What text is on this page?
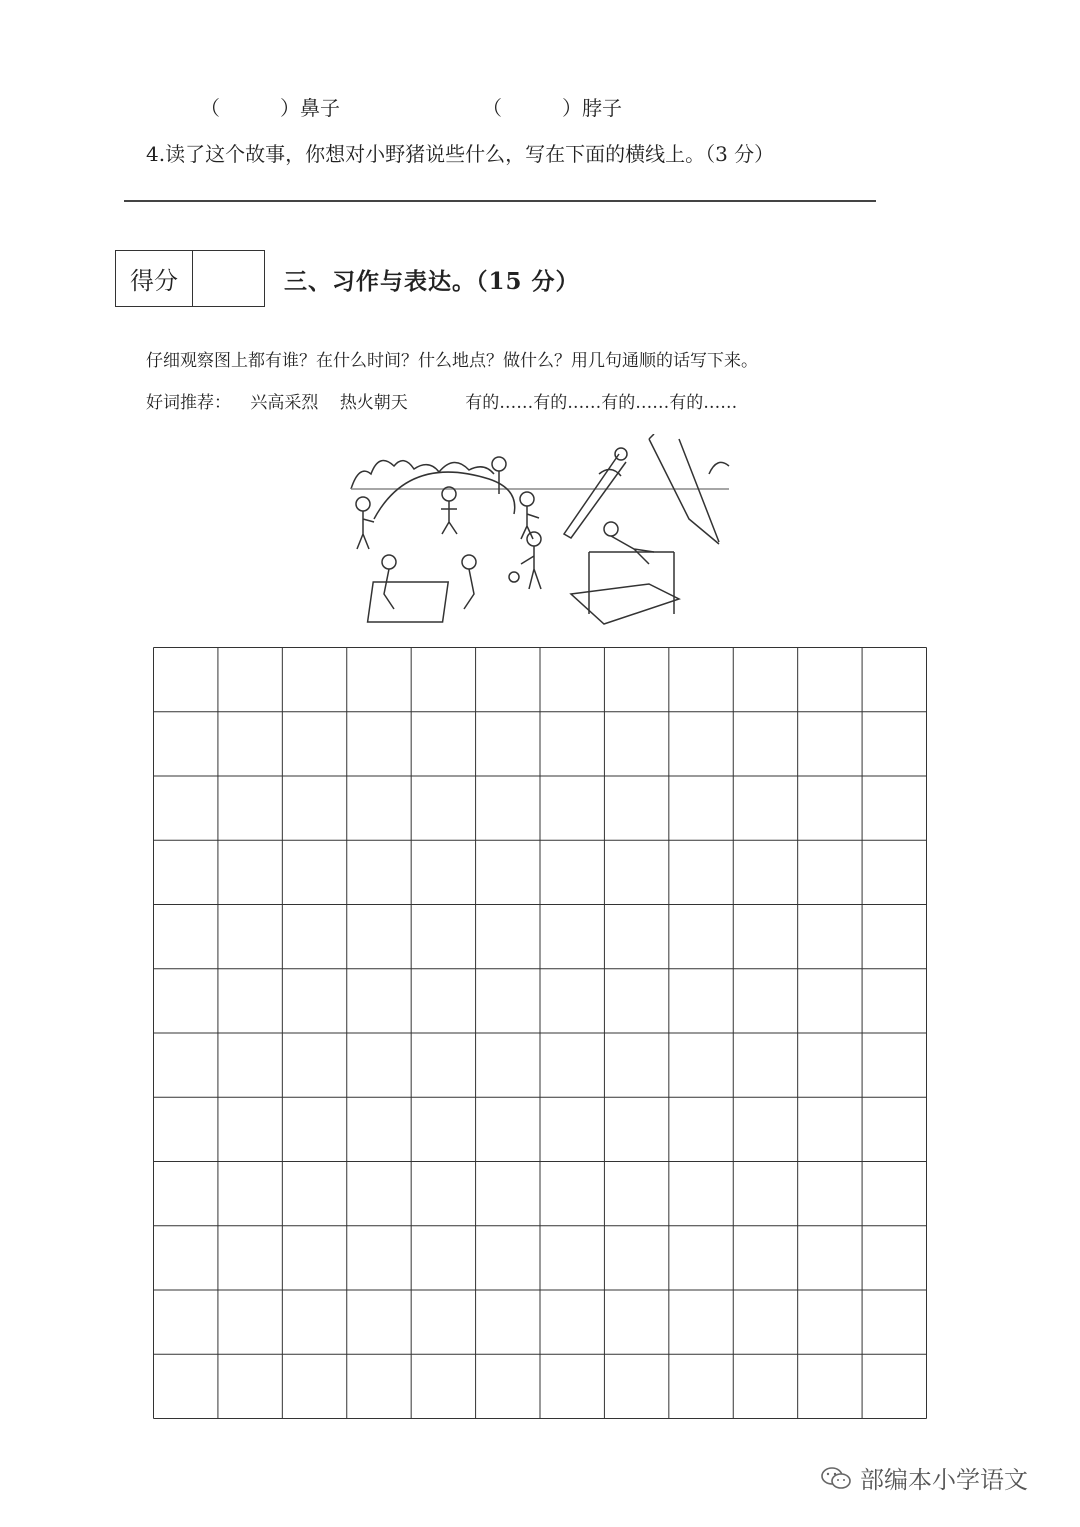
（　　　）鼻子	（　　　）脖子
4.读了这个故事，你想对小野猪说些什么，写在下面的横线上。（3 分）
得分	三、习作与表达。（15 分）
仔细观察图上都有谁？在什么时间？什么地点？做什么？用几句通顺的话写下来。
好词推荐： 兴高采烈 热火朝天	有的……有的……有的……有的……
部编本小学语文
